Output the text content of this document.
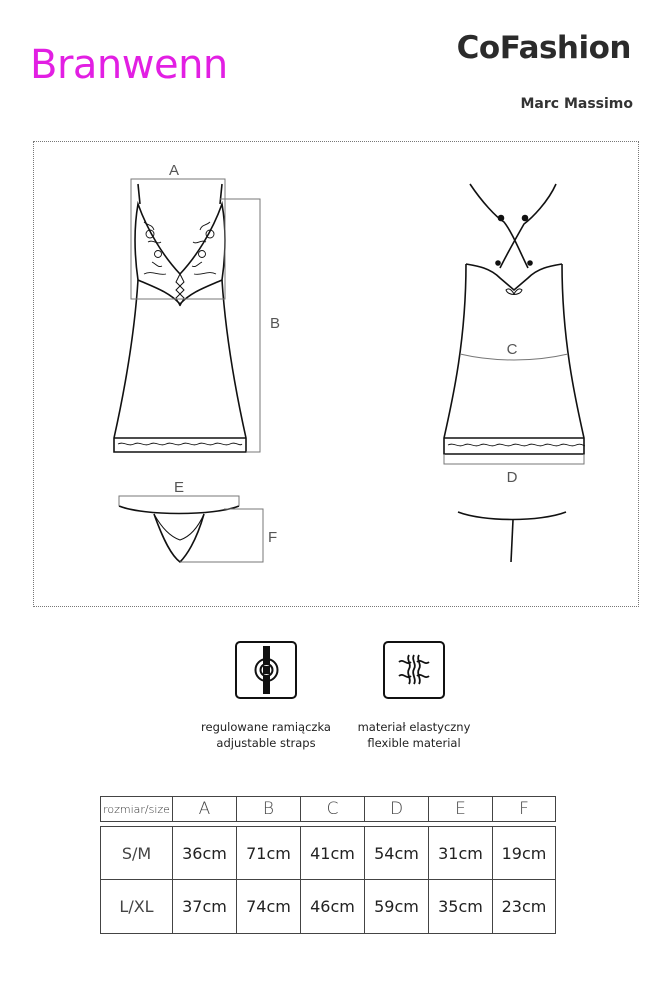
Branwenn	CoFashion
Marc Massimo
A
B
E
F
C
D
regulowane ramiączka
adjustable straps
materiał elastyczny
flexible material
rozmiar/size	A	B	C	D	E	F

S/M	36cm	71cm	41cm	54cm	31cm	19cm
L/XL	37cm	74cm	46cm	59cm	35cm	23cm
